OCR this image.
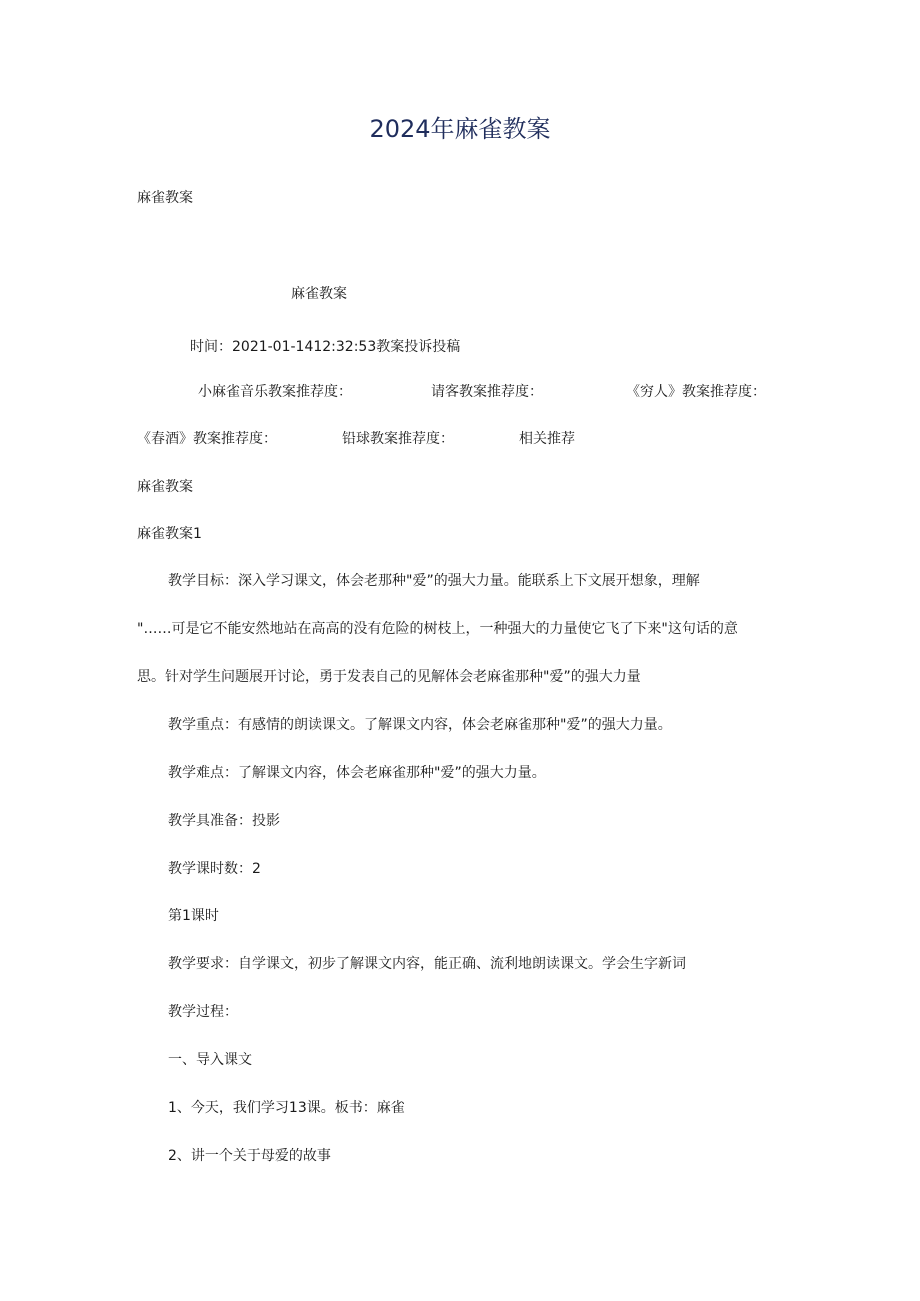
2024年麻雀教案
麻雀教案
麻雀教案
时间：2021-01-1412:32:53教案投诉投稿
小麻雀音乐教案推荐度：	请客教案推荐度：	《穷人》教案推荐度：
《春酒》教案推荐度：	铅球教案推荐度：	相关推荐
麻雀教案
麻雀教案1
教学目标：深入学习课文，体会老那种"爱”的强大力量。能联系上下文展开想象，理解
"……可是它不能安然地站在高高的没有危险的树枝上，一种强大的力量使它飞了下来"这句话的意
思。针对学生问题展开讨论，勇于发表自己的见解体会老麻雀那种"爱”的强大力量
教学重点：有感情的朗读课文。了解课文内容，体会老麻雀那种"爱”的强大力量。
教学难点：了解课文内容，体会老麻雀那种"爱”的强大力量。
教学具准备：投影
教学课时数：2
第1课时
教学要求：自学课文，初步了解课文内容，能正确、流利地朗读课文。学会生字新词
教学过程：
一、导入课文
1、今天，我们学习13课。板书：麻雀
2、讲一个关于母爱的故事
